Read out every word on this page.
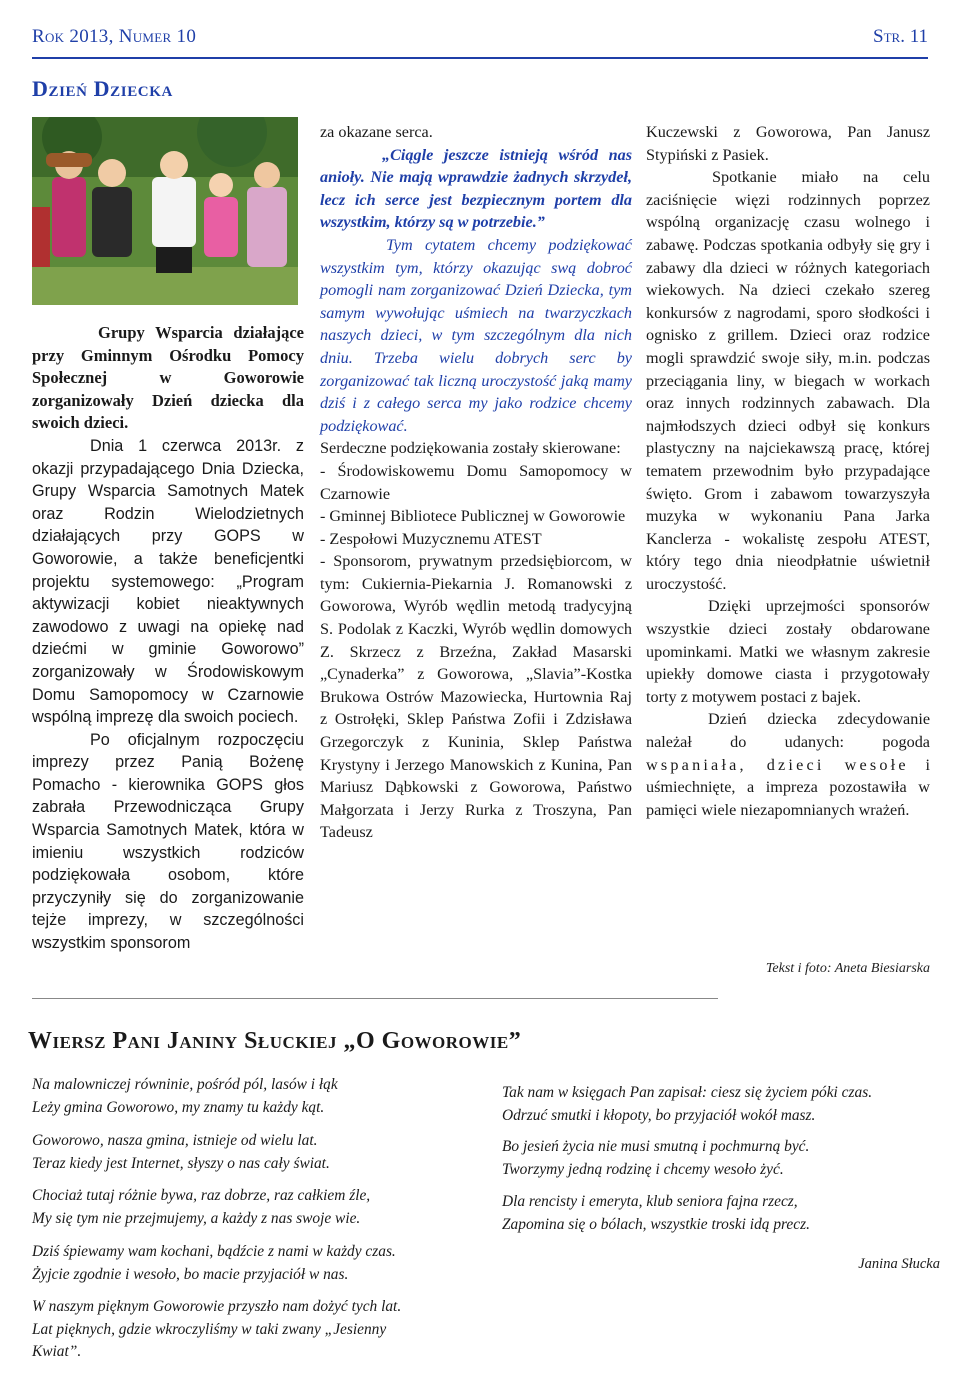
Rok 2013, Numer 10	Str. 11
Dzień Dziecka

Grupy Wsparcia działające przy Gminnym Ośrodku Pomocy Społecznej w Goworowie zorganizowały Dzień dziecka dla swoich dzieci.

Dnia 1 czerwca 2013r. z okazji przypadającego Dnia Dziecka, Grupy Wsparcia Samotnych Matek oraz Rodzin Wielodzietnych działających przy GOPS w Goworowie, a także beneficjentki projektu systemowego: „Program aktywizacji kobiet nieaktywnych zawodowo z uwagi na opiekę nad dziećmi w gminie Goworowo” zorganizowały w Środowiskowym Domu Samopomocy w Czarnowie wspólną imprezę dla swoich pociech.

Po oficjalnym rozpoczęciu imprezy przez Panią Bożenę Pomacho - kierownika GOPS głos zabrała Przewodnicząca Grupy Wsparcia Samotnych Matek, która w imieniu wszystkich rodziców podziękowała osobom, które przyczyniły się do zorganizowanie tejże imprezy, w szczególności wszystkim sponsorom

za okazane serca.

„Ciągle jeszcze istnieją wśród nas anioły. Nie mają wprawdzie żadnych skrzydeł, lecz ich serce jest bezpiecznym portem dla wszystkim, którzy są w potrzebie.”

Tym cytatem chcemy podziękować wszystkim tym, którzy okazując swą dobroć pomogli nam zorganizować Dzień Dziecka, tym samym wywołując uśmiech na twarzyczkach naszych dzieci, w tym szczególnym dla nich dniu. Trzeba wielu dobrych serc by zorganizować tak liczną uroczystość jaką mamy dziś i z całego serca my jako rodzice chcemy podziękować.

Serdeczne podziękowania zostały skierowane:

- Środowiskowemu Domu Samopomocy w Czarnowie

- Gminnej Bibliotece Publicznej w Goworowie

- Zespołowi Muzycznemu ATEST

- Sponsorom, prywatnym przedsiębiorcom, w tym: Cukiernia-Piekarnia J. Romanowski z Goworowa, Wyrób wędlin metodą tradycyjną S. Podolak z Kaczki, Wyrób wędlin domowych Z. Skrzecz z Brzeźna, Zakład Masarski „Cynaderka” z Goworowa, „Slavia”-Kostka Brukowa Ostrów Mazowiecka, Hurtownia Raj z Ostrołęki, Sklep Państwa Zofii i Zdzisława Grzegorczyk z Kuninia, Sklep Państwa Krystyny i Jerzego Manowskich z Kunina, Pan Mariusz Dąbkowski z Goworowa, Państwo Małgorzata i Jerzy Rurka z Troszyna, Pan Tadeusz

Kuczewski z Goworowa, Pan Janusz Stypiński z Pasiek.

Spotkanie miało na celu zaciśnięcie więzi rodzinnych poprzez wspólną organizację czasu wolnego i zabawę. Podczas spotkania odbyły się gry i zabawy dla dzieci w różnych kategoriach wiekowych. Na dzieci czekało szereg konkursów z nagrodami, sporo słodkości i ognisko z grillem. Dzieci oraz rodzice mogli sprawdzić swoje siły, m.in. podczas przeciągania liny, w biegach w workach oraz innych rodzinnych zabawach. Dla najmłodszych dzieci odbył się konkurs plastyczny na najciekawszą pracę, której tematem przewodnim było przypadające święto. Grom i zabawom towarzyszyła muzyka w wykonaniu Pana Jarka Kanclerza - wokalistę zespołu ATEST, który tego dnia nieodpłatnie uświetnił uroczystość.

Dzięki uprzejmości sponsorów wszystkie dzieci zostały obdarowane upominkami. Matki we własnym zakresie upiekły domowe ciasta i przygotowały torty z motywem postaci z bajek.

Dzień dziecka zdecydowanie należał do udanych: pogoda wspaniała, dzieci wesołe i uśmiechnięte, a impreza pozostawiła w pamięci wiele niezapomnianych wrażeń.

Tekst i foto: Aneta Biesiarska
Wiersz Pani Janiny Słuckiej „O Goworowie”
Na malowniczej równinie, pośród pól, lasów i łąk
Leży gmina Goworowo, my znamy tu każdy kąt.
Goworowo, nasza gmina, istnieje od wielu lat.
Teraz kiedy jest Internet, słyszy o nas cały świat.
Chociaż tutaj różnie bywa, raz dobrze, raz całkiem źle,
My się tym nie przejmujemy, a każdy z nas swoje wie.
Dziś śpiewamy wam kochani, bądźcie z nami w każdy czas.
Żyjcie zgodnie i wesoło, bo macie przyjaciół w nas.
W naszym pięknym Goworowie przyszło nam dożyć tych lat.
Lat pięknych, gdzie wkroczyliśmy w taki zwany „Jesienny
Kwiat”.
Tak nam w księgach Pan zapisał: ciesz się życiem póki czas.
Odrzuć smutki i kłopoty, bo przyjaciół wokół masz.
Bo jesień życia nie musi smutną i pochmurną być.
Tworzymy jedną rodzinę i chcemy wesoło żyć.
Dla rencisty i emeryta, klub seniora fajna rzecz,
Zapomina się o bólach, wszystkie troski idą precz.
Janina Słucka
